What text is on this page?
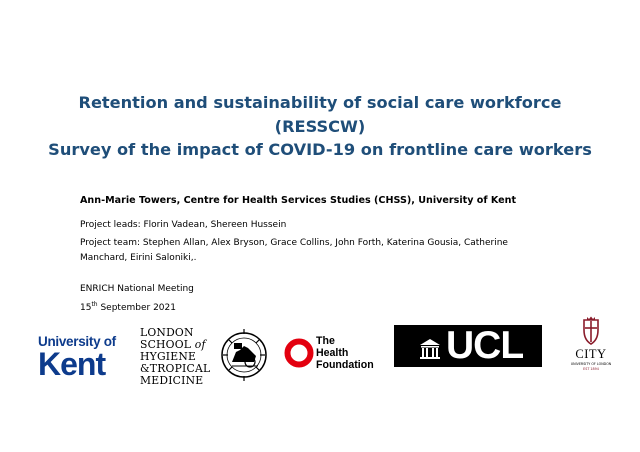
Retention and sustainability of social care workforce
(RESSCW)
Survey of the impact of COVID-19 on frontline care workers
Ann-Marie Towers, Centre for Health Services Studies (CHSS), University of Kent
Project leads: Florin Vadean, Shereen Hussein
Project team: Stephen Allan, Alex Bryson, Grace Collins, John Forth, Katerina Gousia, Catherine Manchard, Eirini Saloniki,.
ENRICH National Meeting
15th September 2021
University of
Kent
LONDON
SCHOOL of
HYGIENE
&TROPICAL
MEDICINE
The
Health
Foundation UCL	CITY
UNIVERSITY OF LONDON
EST 1894
